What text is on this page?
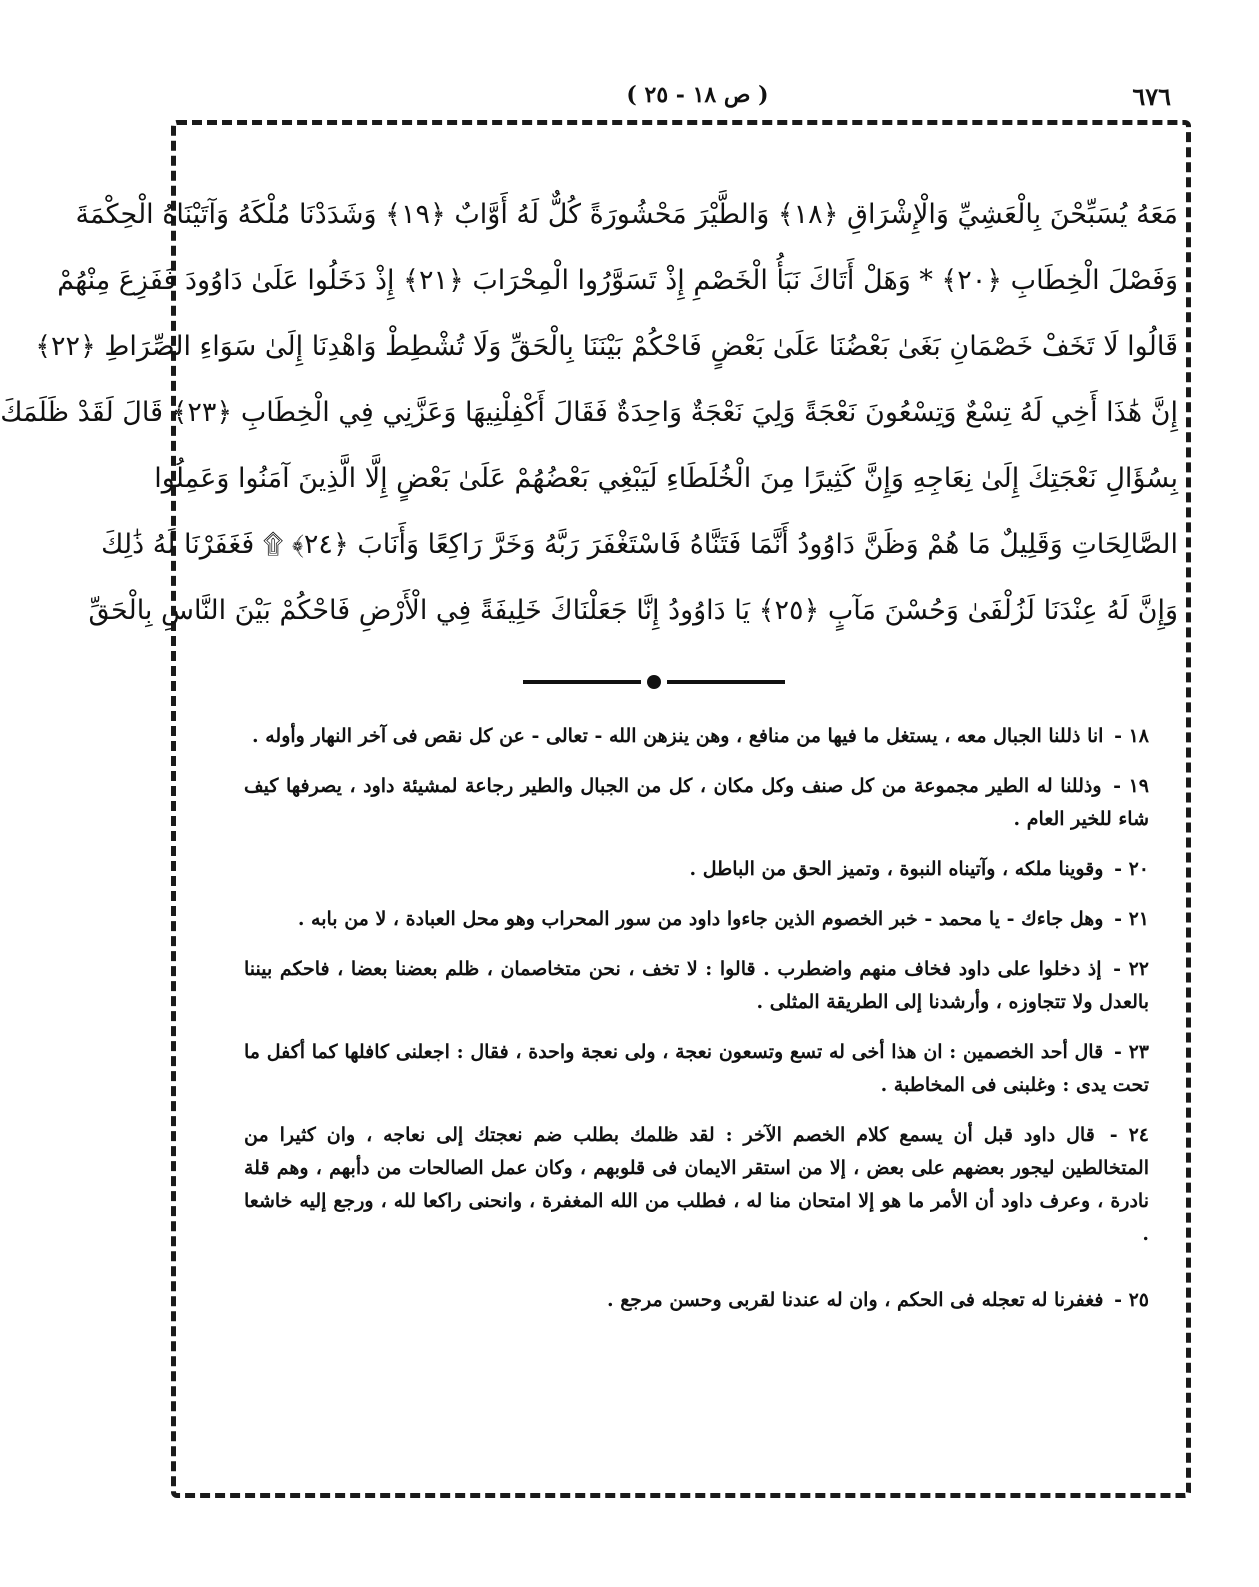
٦٧٦
( ص ١٨ - ٢٥ )
مَعَهُ يُسَبِّحْنَ بِالْعَشِيِّ وَالْإِشْرَاقِ ﴿١٨﴾ وَالطَّيْرَ مَحْشُورَةً كُلٌّ لَهُ أَوَّابٌ ﴿١٩﴾ وَشَدَدْنَا مُلْكَهُ وَآتَيْنَاهُ الْحِكْمَةَ
وَفَصْلَ الْخِطَابِ ﴿٢٠﴾ * وَهَلْ أَتَاكَ نَبَأُ الْخَصْمِ إِذْ تَسَوَّرُوا الْمِحْرَابَ ﴿٢١﴾ إِذْ دَخَلُوا عَلَىٰ دَاوُودَ فَفَزِعَ مِنْهُمْ
قَالُوا لَا تَخَفْ خَصْمَانِ بَغَىٰ بَعْضُنَا عَلَىٰ بَعْضٍ فَاحْكُمْ بَيْنَنَا بِالْحَقِّ وَلَا تُشْطِطْ وَاهْدِنَا إِلَىٰ سَوَاءِ الصِّرَاطِ ﴿٢٢﴾
إِنَّ هَٰذَا أَخِي لَهُ تِسْعٌ وَتِسْعُونَ نَعْجَةً وَلِيَ نَعْجَةٌ وَاحِدَةٌ فَقَالَ أَكْفِلْنِيهَا وَعَزَّنِي فِي الْخِطَابِ ﴿٢٣﴾ قَالَ لَقَدْ ظَلَمَكَ
بِسُؤَالِ نَعْجَتِكَ إِلَىٰ نِعَاجِهِ وَإِنَّ كَثِيرًا مِنَ الْخُلَطَاءِ لَيَبْغِي بَعْضُهُمْ عَلَىٰ بَعْضٍ إِلَّا الَّذِينَ آمَنُوا وَعَمِلُوا
الصَّالِحَاتِ وَقَلِيلٌ مَا هُمْ وَظَنَّ دَاوُودُ أَنَّمَا فَتَنَّاهُ فَاسْتَغْفَرَ رَبَّهُ وَخَرَّ رَاكِعًا وَأَنَابَ ﴿٢٤﴾ ۩ فَغَفَرْنَا لَهُ ذَٰلِكَ
وَإِنَّ لَهُ عِنْدَنَا لَزُلْفَىٰ وَحُسْنَ مَآبٍ ﴿٢٥﴾ يَا دَاوُودُ إِنَّا جَعَلْنَاكَ خَلِيفَةً فِي الْأَرْضِ فَاحْكُمْ بَيْنَ النَّاسِ بِالْحَقِّ

١٨ - انا ذللنا الجبال معه ، يستغل ما فيها من منافع ، وهن ينزهن الله - تعالى - عن كل نقص فى آخر النهار وأوله .

١٩ - وذللنا له الطير مجموعة من كل صنف وكل مكان ، كل من الجبال والطير رجاعة لمشيئة داود ، يصرفها كيف شاء للخير العام .

٢٠ - وقوينا ملكه ، وآتيناه النبوة ، وتميز الحق من الباطل .

٢١ - وهل جاءك - يا محمد - خبر الخصوم الذين جاءوا داود من سور المحراب وهو محل العبادة ، لا من بابه .

٢٢ - إذ دخلوا على داود فخاف منهم واضطرب . قالوا : لا تخف ، نحن متخاصمان ، ظلم بعضنا بعضا ، فاحكم بيننا بالعدل ولا تتجاوزه ، وأرشدنا إلى الطريقة المثلى .

٢٣ - قال أحد الخصمين : ان هذا أخى له تسع وتسعون نعجة ، ولى نعجة واحدة ، فقال : اجعلنى كافلها كما أكفل ما تحت يدى : وغلبنى فى المخاطبة .

٢٤ - قال داود قبل أن يسمع كلام الخصم الآخر : لقد ظلمك بطلب ضم نعجتك إلى نعاجه ، وان كثيرا من المتخالطين ليجور بعضهم على بعض ، إلا من استقر الايمان فى قلوبهم ، وكان عمل الصالحات من دأبهم ، وهم قلة نادرة ، وعرف داود أن الأمر ما هو إلا امتحان منا له ، فطلب من الله المغفرة ، وانحنى راكعا لله ، ورجع إليه خاشعا .

٢٥ - فغفرنا له تعجله فى الحكم ، وان له عندنا لقربى وحسن مرجع .
